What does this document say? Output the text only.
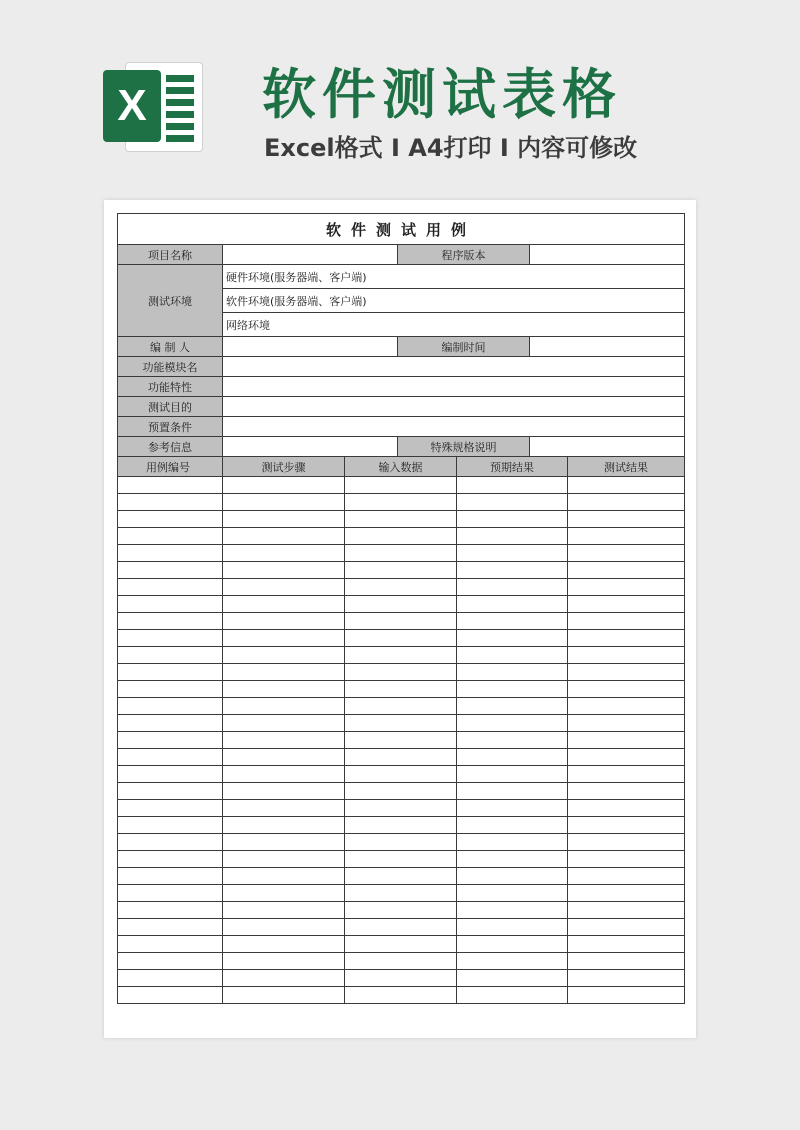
X 软件测试表格
Excel格式 I A4打印 I 内容可修改
软件测试用例						
项目名称			程序版本			
测试环境	硬件环境(服务器端、客户端)					
	软件环境(服务器端、客户端)					
	网络环境					
编 制 人			编制时间			
功能模块名						
功能特性						
测试目的						
预置条件						
参考信息			特殊规格说明			
用例编号	测试步骤	输入数据		预期结果		测试结果
